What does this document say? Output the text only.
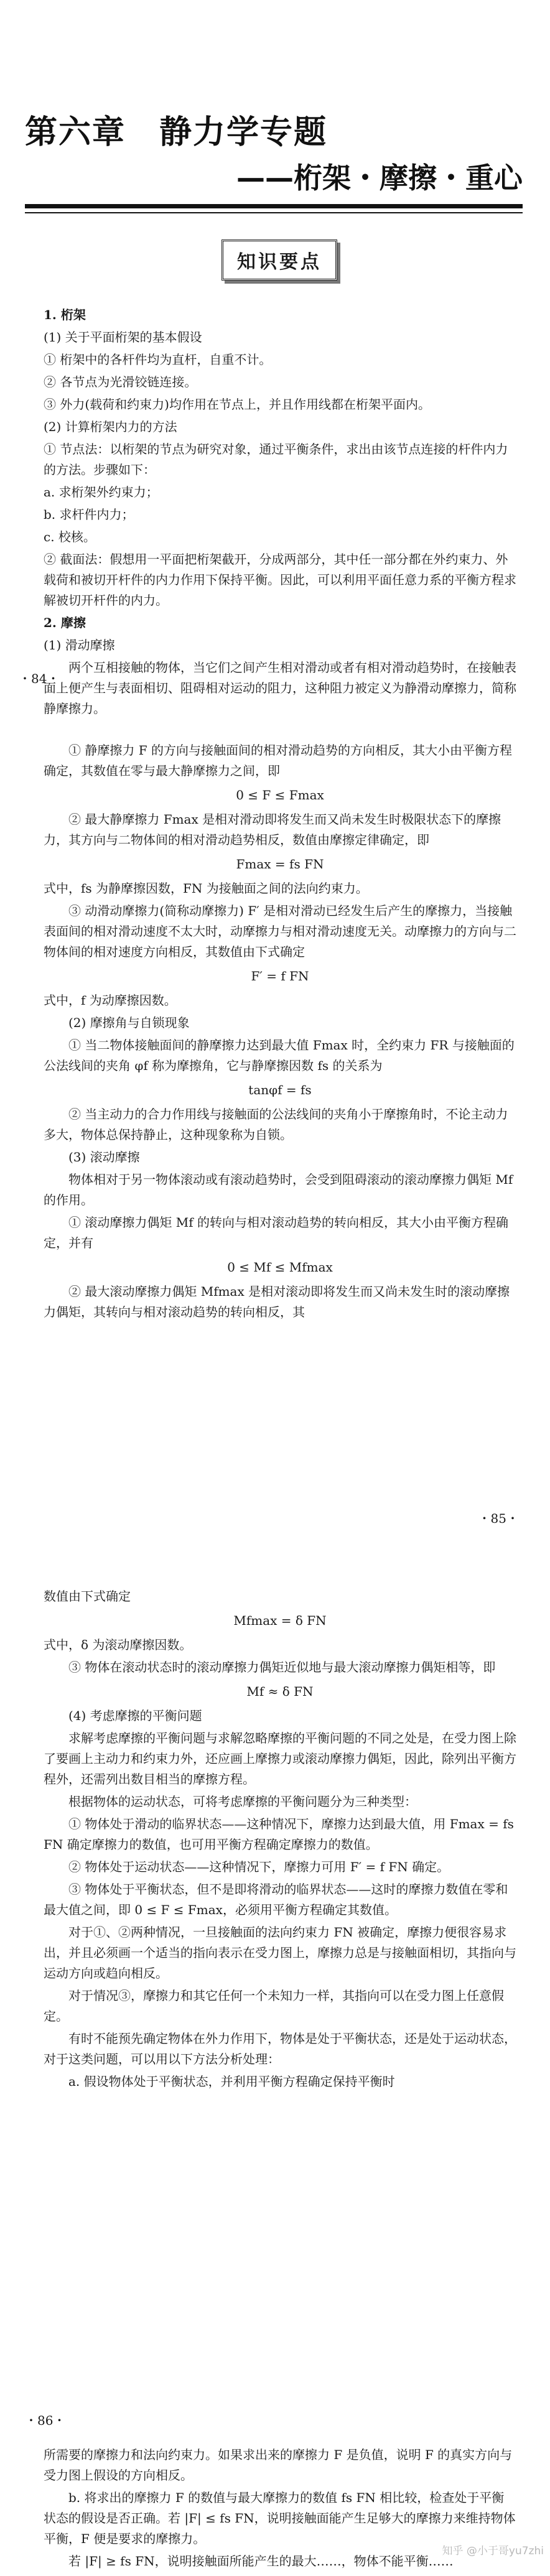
第六章　静力学专题
——桁架・摩擦・重心
知识要点

1. 桁架

(1) 关于平面桁架的基本假设

① 桁架中的各杆件均为直杆，自重不计。

② 各节点为光滑铰链连接。

③ 外力(载荷和约束力)均作用在节点上，并且作用线都在桁架平面内。

(2) 计算桁架内力的方法

① 节点法：以桁架的节点为研究对象，通过平衡条件，求出由该节点连接的杆件内力的方法。步骤如下：

a. 求桁架外约束力；

b. 求杆件内力；

c. 校核。

② 截面法：假想用一平面把桁架截开，分成两部分，其中任一部分都在外约束力、外载荷和被切开杆件的内力作用下保持平衡。因此，可以利用平面任意力系的平衡方程求解被切开杆件的内力。

2. 摩擦

(1) 滑动摩擦

两个互相接触的物体，当它们之间产生相对滑动或者有相对滑动趋势时，在接触表面上便产生与表面相切、阻碍相对运动的阻力，这种阻力被定义为静滑动摩擦力，简称静摩擦力。

・84・

① 静摩擦力 F 的方向与接触面间的相对滑动趋势的方向相反，其大小由平衡方程确定，其数值在零与最大静摩擦力之间，即

0 ≤ F ≤ Fmax

② 最大静摩擦力 Fmax 是相对滑动即将发生而又尚未发生时极限状态下的摩擦力，其方向与二物体间的相对滑动趋势相反，数值由摩擦定律确定，即

Fmax = fs FN

式中，fs 为静摩擦因数，FN 为接触面之间的法向约束力。

③ 动滑动摩擦力(简称动摩擦力) F′ 是相对滑动已经发生后产生的摩擦力，当接触表面间的相对滑动速度不太大时，动摩擦力与相对滑动速度无关。动摩擦力的方向与二物体间的相对速度方向相反，其数值由下式确定

F′ = f FN

式中，f 为动摩擦因数。

(2) 摩擦角与自锁现象

① 当二物体接触面间的静摩擦力达到最大值 Fmax 时，全约束力 FR 与接触面的公法线间的夹角 φf 称为摩擦角，它与静摩擦因数 fs 的关系为

tanφf = fs

② 当主动力的合力作用线与接触面的公法线间的夹角小于摩擦角时，不论主动力多大，物体总保持静止，这种现象称为自锁。

(3) 滚动摩擦

物体相对于另一物体滚动或有滚动趋势时，会受到阻碍滚动的滚动摩擦力偶矩 Mf 的作用。

① 滚动摩擦力偶矩 Mf 的转向与相对滚动趋势的转向相反，其大小由平衡方程确定，并有

0 ≤ Mf ≤ Mfmax

② 最大滚动摩擦力偶矩 Mfmax 是相对滚动即将发生而又尚未发生时的滚动摩擦力偶矩，其转向与相对滚动趋势的转向相反，其

・85・

数值由下式确定

Mfmax = δ FN

式中，δ 为滚动摩擦因数。

③ 物体在滚动状态时的滚动摩擦力偶矩近似地与最大滚动摩擦力偶矩相等，即

Mf ≈ δ FN

(4) 考虑摩擦的平衡问题

求解考虑摩擦的平衡问题与求解忽略摩擦的平衡问题的不同之处是，在受力图上除了要画上主动力和约束力外，还应画上摩擦力或滚动摩擦力偶矩，因此，除列出平衡方程外，还需列出数目相当的摩擦方程。

根据物体的运动状态，可将考虑摩擦的平衡问题分为三种类型：

① 物体处于滑动的临界状态——这种情况下，摩擦力达到最大值，用 Fmax = fs FN 确定摩擦力的数值，也可用平衡方程确定摩擦力的数值。

② 物体处于运动状态——这种情况下，摩擦力可用 F′ = f FN 确定。

③ 物体处于平衡状态，但不是即将滑动的临界状态——这时的摩擦力数值在零和最大值之间，即 0 ≤ F ≤ Fmax，必须用平衡方程确定其数值。

对于①、②两种情况，一旦接触面的法向约束力 FN 被确定，摩擦力便很容易求出，并且必须画一个适当的指向表示在受力图上，摩擦力总是与接触面相切，其指向与运动方向或趋向相反。

对于情况③，摩擦力和其它任何一个未知力一样，其指向可以在受力图上任意假定。

有时不能预先确定物体在外力作用下，物体是处于平衡状态，还是处于运动状态，对于这类问题，可以用以下方法分析处理：

a. 假设物体处于平衡状态，并利用平衡方程确定保持平衡时

・86・

所需要的摩擦力和法向约束力。如果求出来的摩擦力 F 是负值，说明 F 的真实方向与受力图上假设的方向相反。

b. 将求出的摩擦力 F 的数值与最大摩擦力的数值 fs FN 相比较，检查处于平衡状态的假设是否正确。若 |F| ≤ fs FN，说明接触面能产生足够大的摩擦力来维持物体平衡，F 便是要求的摩擦力。

若 |F| ≥ fs FN，说明接触面所能产生的最大……，物体不能平衡……

知乎 @小于哥yu7zhi
